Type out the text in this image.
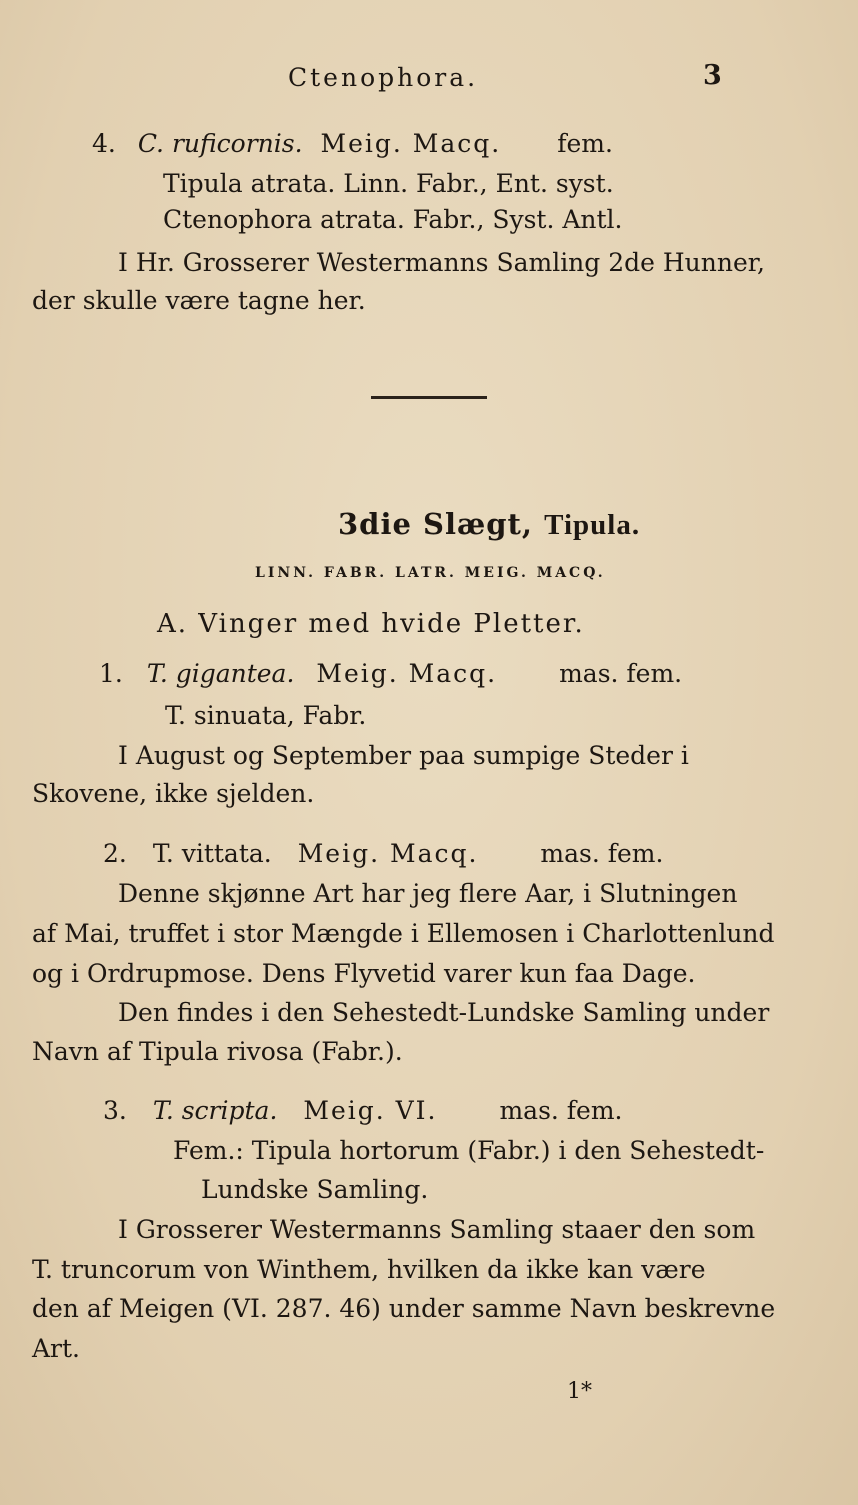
Ctenophora.	3
4. C. ruficornis. Meig. Macq. fem.
Tipula atrata. Linn. Fabr., Ent. syst.
Ctenophora atrata. Fabr., Syst. Antl.
I Hr. Grosserer Westermanns Samling 2de Hunner,
der skulle være tagne her.
3die Slægt, Tipula.
LINN. FABR. LATR. MEIG. MACQ.
A. Vinger med hvide Pletter.
1. T. gigantea. Meig. Macq. mas. fem.
T. sinuata, Fabr.
I August og September paa sumpige Steder i
Skovene, ikke sjelden.
2. T. vittata. Meig. Macq. mas. fem.
Denne skjønne Art har jeg flere Aar, i Slutningen
af Mai, truffet i stor Mængde i Ellemosen i Charlottenlund
og i Ordrupmose. Dens Flyvetid varer kun faa Dage.
Den findes i den Sehestedt-Lundske Samling under
Navn af Tipula rivosa (Fabr.).
3. T. scripta. Meig. VI. mas. fem.
Fem.: Tipula hortorum (Fabr.) i den Sehestedt-
Lundske Samling.
I Grosserer Westermanns Samling staaer den som
T. truncorum von Winthem, hvilken da ikke kan være
den af Meigen (VI. 287. 46) under samme Navn beskrevne
Art.
1*
